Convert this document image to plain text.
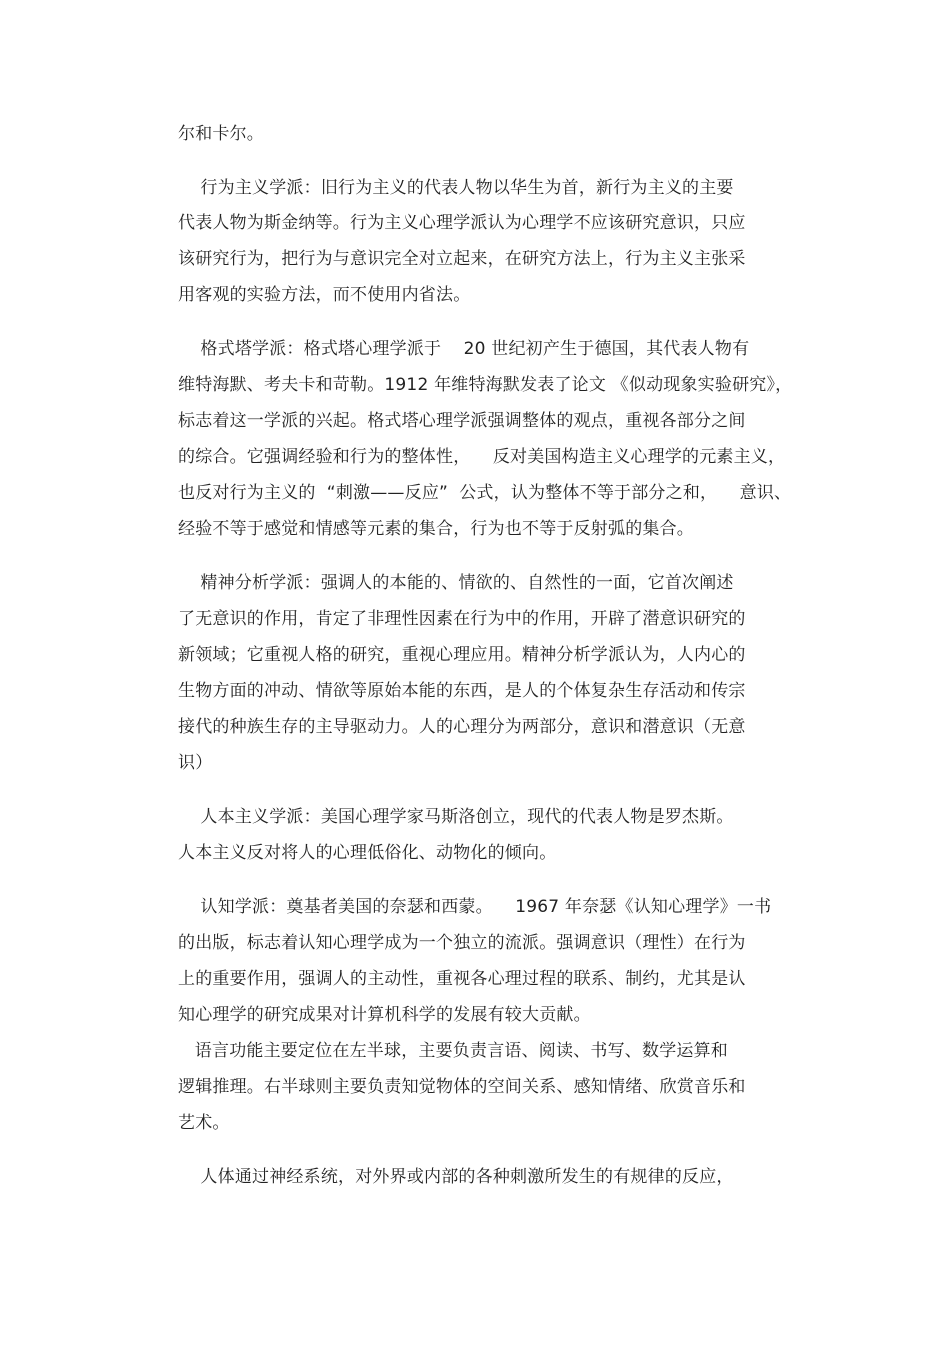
尔和卡尔。

行为主义学派：旧行为主义的代表人物以华生为首，新行为主义的主要

代表人物为斯金纳等。行为主义心理学派认为心理学不应该研究意识，只应

该研究行为，把行为与意识完全对立起来，在研究方法上，行为主义主张采

用客观的实验方法，而不使用内省法。

格式塔学派：格式塔心理学派于    20 世纪初产生于德国，其代表人物有

维特海默、考夫卡和苛勒。1912 年维特海默发表了论文 《似动现象实验研究》，

标志着这一学派的兴起。格式塔心理学派强调整体的观点，重视各部分之间

的综合。它强调经验和行为的整体性，    反对美国构造主义心理学的元素主义，

也反对行为主义的  “刺激——反应”  公式，认为整体不等于部分之和，    意识、

经验不等于感觉和情感等元素的集合，行为也不等于反射弧的集合。

精神分析学派：强调人的本能的、情欲的、自然性的一面，它首次阐述

了无意识的作用，肯定了非理性因素在行为中的作用，开辟了潜意识研究的

新领域；它重视人格的研究，重视心理应用。精神分析学派认为，人内心的

生物方面的冲动、情欲等原始本能的东西，是人的个体复杂生存活动和传宗

接代的种族生存的主导驱动力。人的心理分为两部分，意识和潜意识（无意

识）

人本主义学派：美国心理学家马斯洛创立，现代的代表人物是罗杰斯。

人本主义反对将人的心理低俗化、动物化的倾向。

认知学派：奠基者美国的奈瑟和西蒙。    1967 年奈瑟《认知心理学》一书

的出版，标志着认知心理学成为一个独立的流派。强调意识（理性）在行为

上的重要作用，强调人的主动性，重视各心理过程的联系、制约，尤其是认

知心理学的研究成果对计算机科学的发展有较大贡献。

语言功能主要定位在左半球，主要负责言语、阅读、书写、数学运算和

逻辑推理。右半球则主要负责知觉物体的空间关系、感知情绪、欣赏音乐和

艺术。

人体通过神经系统，对外界或内部的各种刺激所发生的有规律的反应，
